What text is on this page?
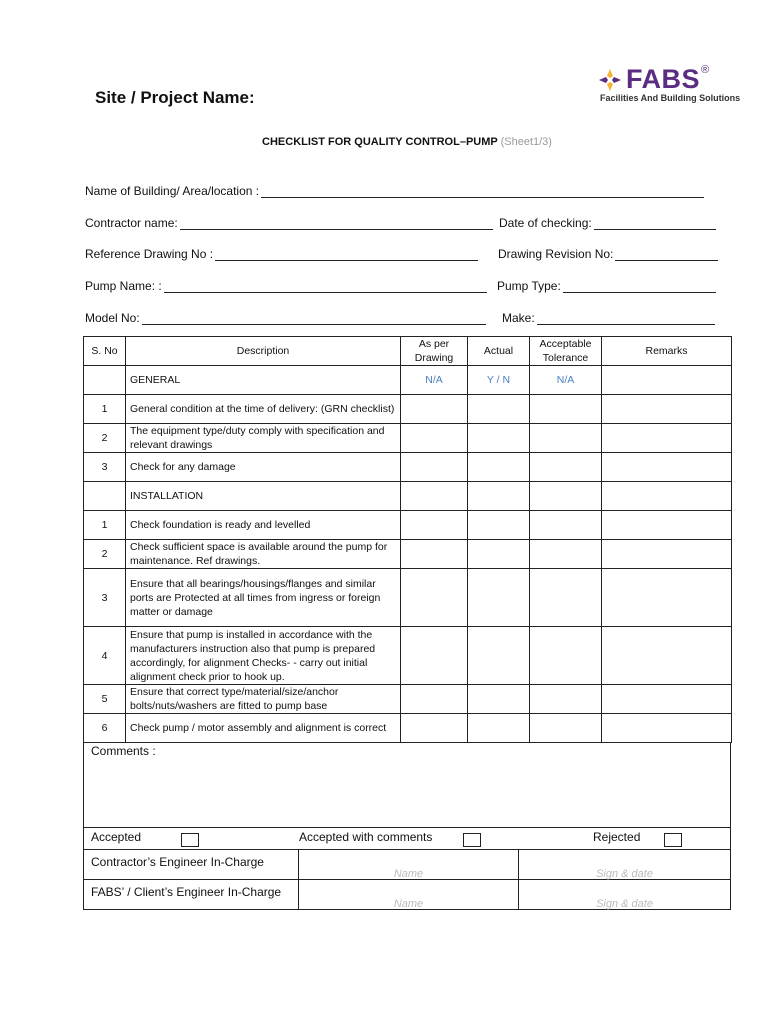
Site / Project Name:
FABS ®
Facilities And Building Solutions
CHECKLIST FOR QUALITY CONTROL–PUMP (Sheet1/3)
Name of Building/ Area/location :
Contractor name:	Date of checking:
Reference Drawing No :	Drawing Revision No:
Pump Name: :	Pump Type:
Model No:	Make:
S. No	Description	As per Drawing	Actual	Acceptable Tolerance	Remarks
	GENERAL	N/A	Y / N	N/A	
1	General condition at the time of delivery: (GRN checklist)				
2	The equipment type/duty comply with specification and relevant drawings				
3	Check for any damage				
	INSTALLATION				
1	Check foundation is ready and levelled				
2	Check sufficient space is available around the pump for maintenance. Ref drawings.				
3	Ensure that all bearings/housings/flanges and similar ports are Protected at all times from ingress or foreign matter or damage				
4	Ensure that pump is installed in accordance with the manufacturers instruction also that pump is prepared accordingly, for alignment Checks- - carry out initial alignment check prior to hook up.				
5	Ensure that correct type/material/size/anchor bolts/nuts/washers are fitted to pump base				
6	Check pump / motor assembly and alignment is correct				
Comments :
Accepted	Accepted with comments	Rejected
Contractor’s Engineer In-Charge
Name	Sign & date
FABS’ / Client’s Engineer In-Charge
Name	Sign & date
